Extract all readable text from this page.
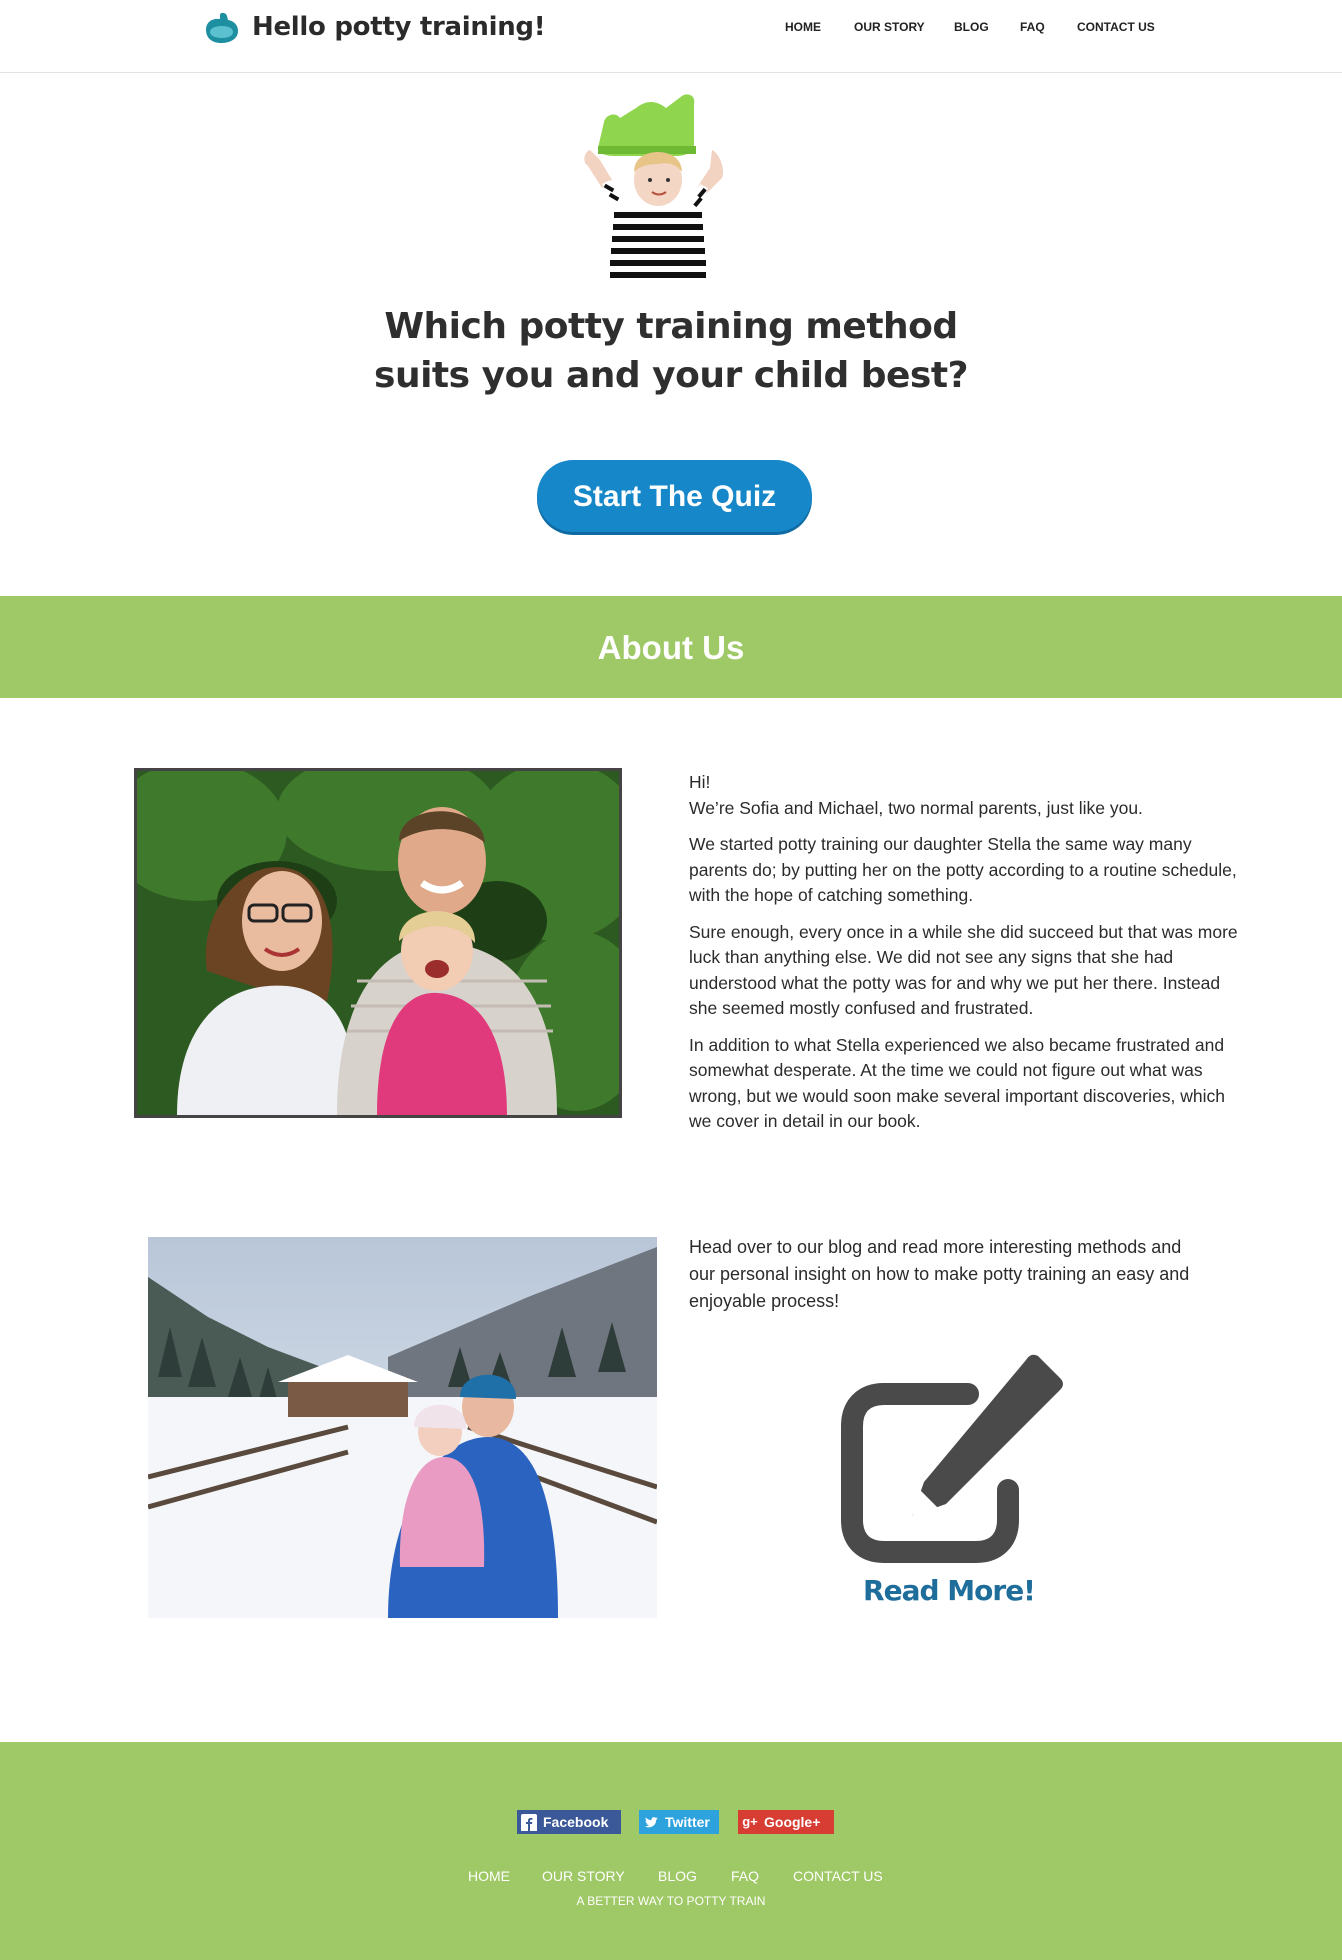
Hello potty training!	HOME	OUR STORY BLOG	FAQ	CONTACT US
Which potty training method
suits you and your child best?
Start The Quiz
About Us

Hi!
We’re Sofia and Michael, two normal parents, just like you.

We started potty training our daughter Stella the same way many parents do; by putting her on the potty according to a routine schedule, with the hope of catching something.

Sure enough, every once in a while she did succeed but that was more luck than anything else. We did not see any signs that she had understood what the potty was for and why we put her there. Instead she seemed mostly confused and frustrated.

In addition to what Stella experienced we also became frustrated and somewhat desperate. At the time we could not figure out what was wrong, but we would soon make several important discoveries, which we cover in detail in our book.

Head over to our blog and read more interesting methods and our personal insight on how to make potty training an easy and enjoyable process!
Read More!
Facebook	Twitter	g+ Google+
HOME OUR STORY BLOG FAQ CONTACT US
A BETTER WAY TO POTTY TRAIN
